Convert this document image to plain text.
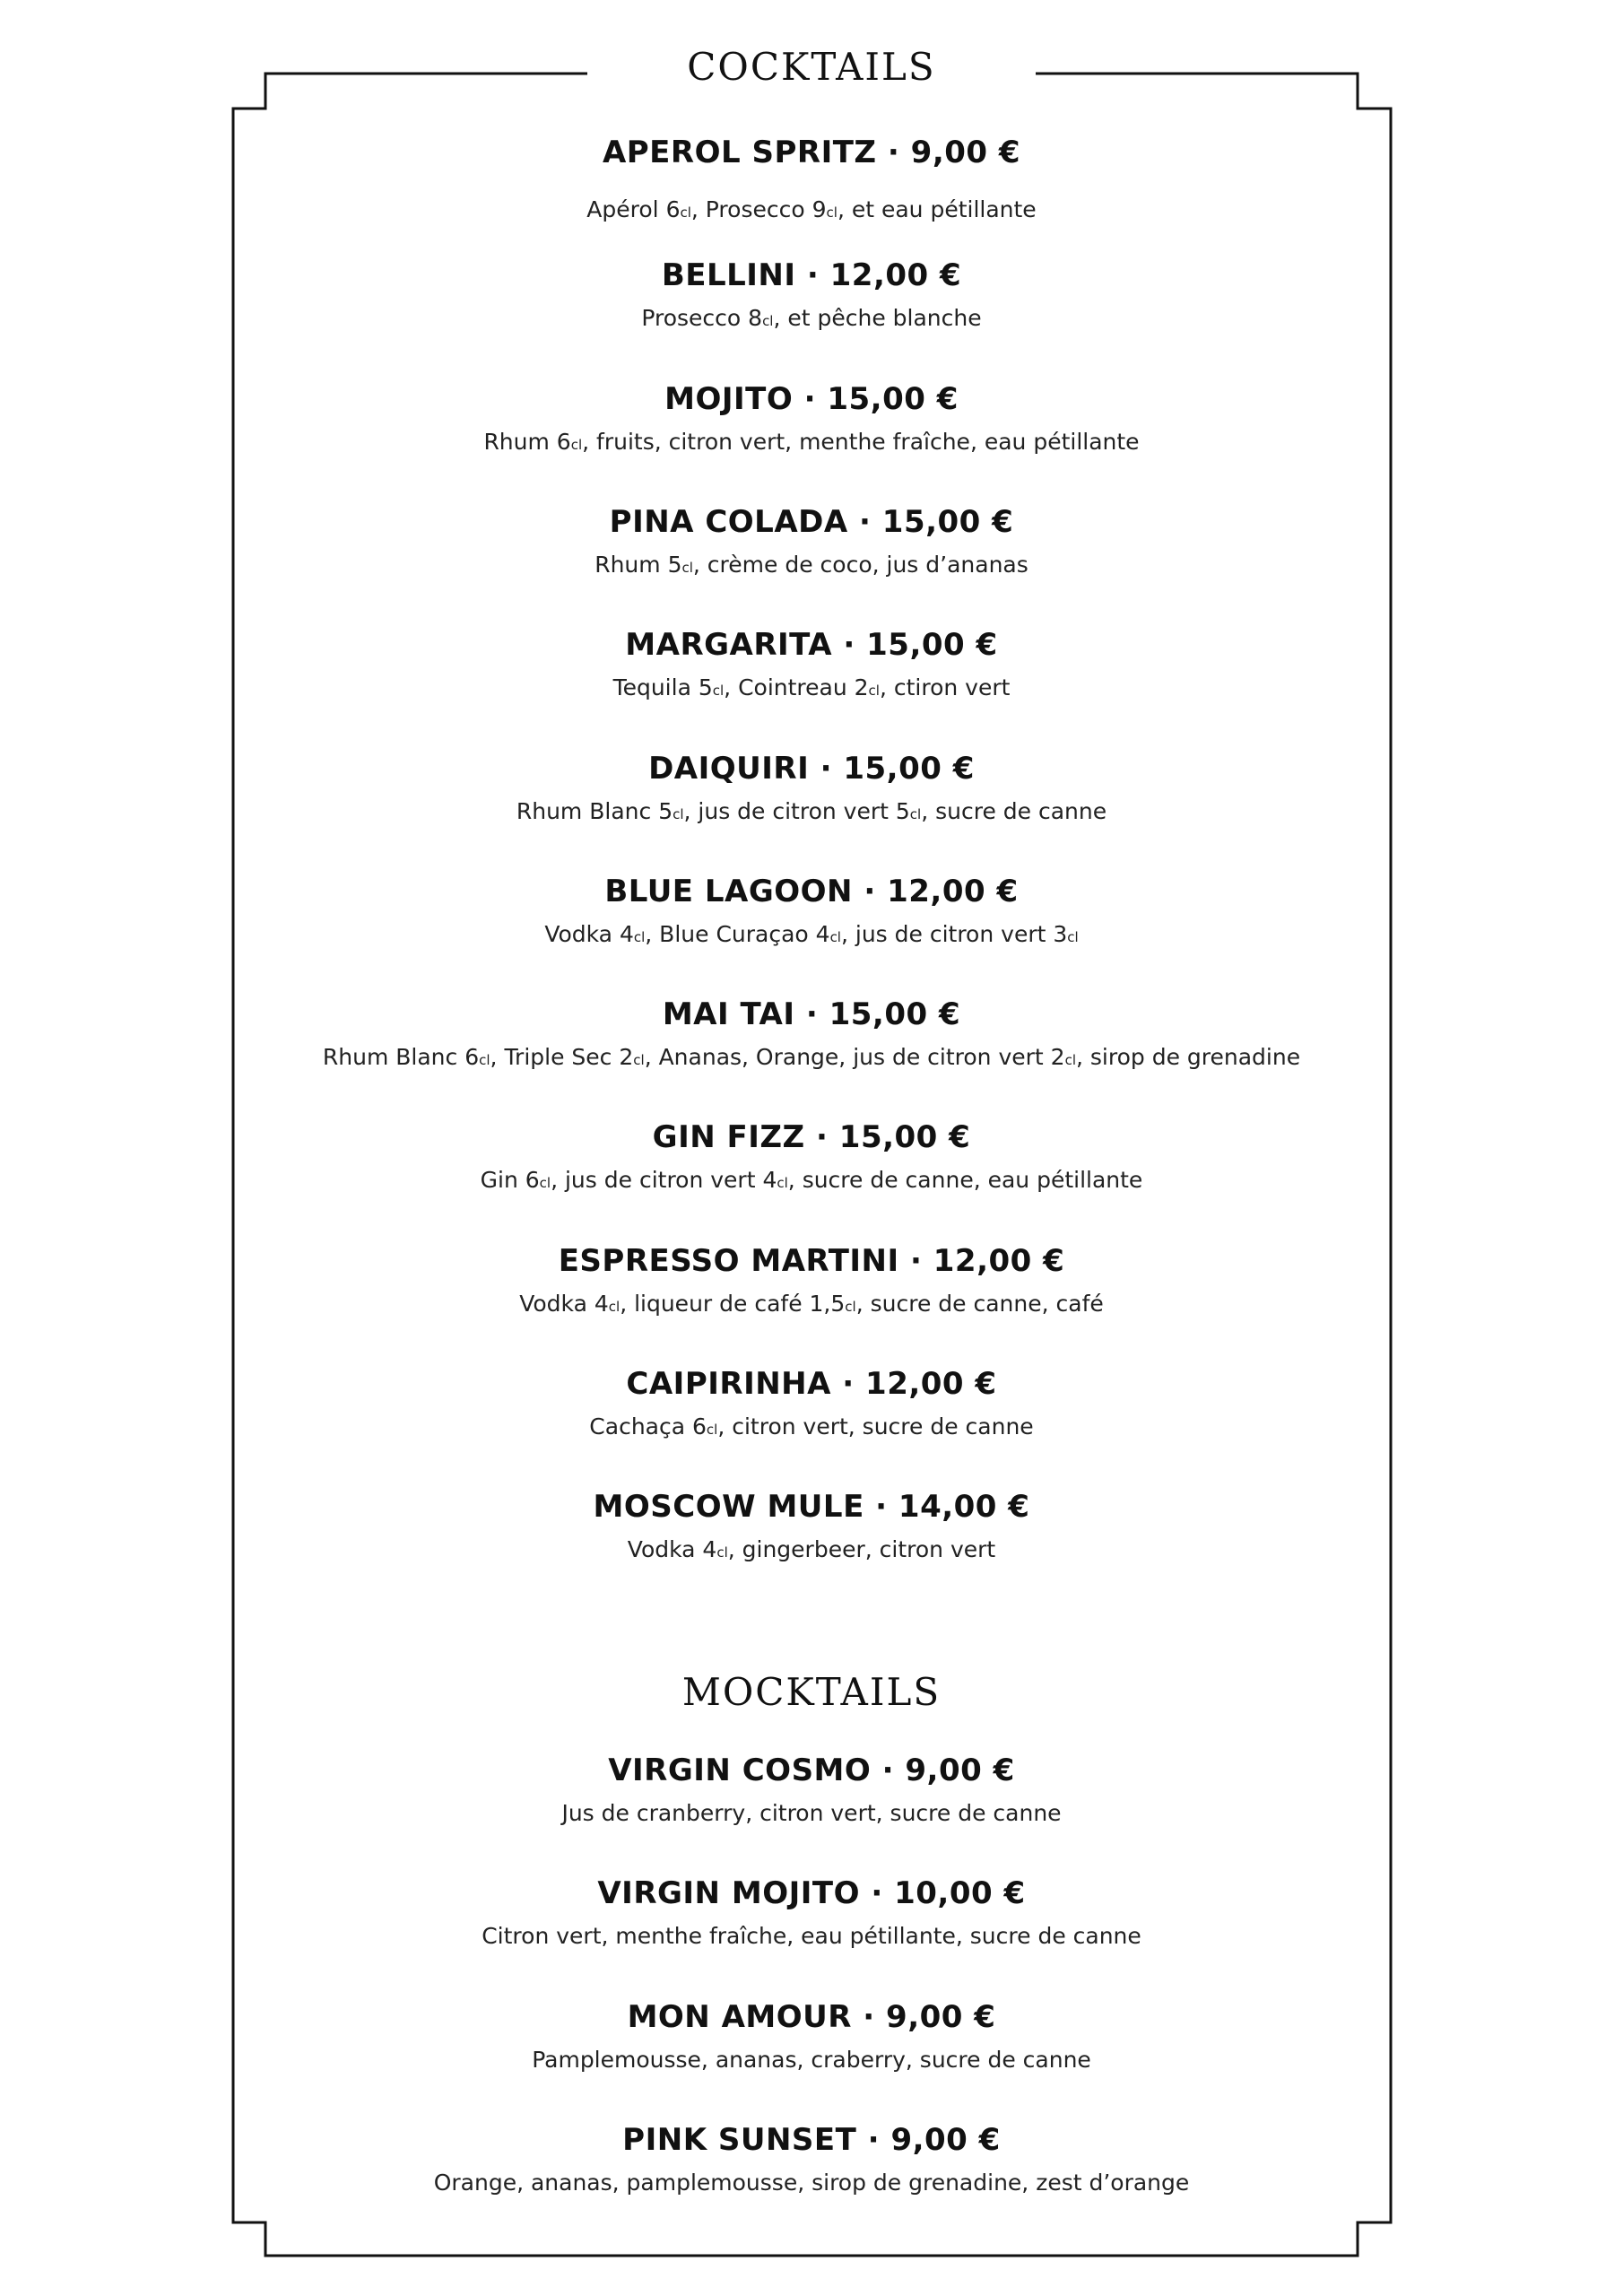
COCKTAILS
APEROL SPRITZ · 9,00 €
Apérol 6cl, Prosecco 9cl, et eau pétillante
BELLINI · 12,00 €
Prosecco 8cl, et pêche blanche
MOJITO · 15,00 €
Rhum 6cl, fruits, citron vert, menthe fraîche, eau pétillante
PINA COLADA · 15,00 €
Rhum 5cl, crème de coco, jus d’ananas
MARGARITA · 15,00 €
Tequila 5cl, Cointreau 2cl, ctiron vert
DAIQUIRI · 15,00 €
Rhum Blanc 5cl, jus de citron vert 5cl, sucre de canne
BLUE LAGOON · 12,00 €
Vodka 4cl, Blue Curaçao 4cl, jus de citron vert 3cl
MAI TAI · 15,00 €
Rhum Blanc 6cl, Triple Sec 2cl, Ananas, Orange, jus de citron vert 2cl, sirop de grenadine
GIN FIZZ · 15,00 €
Gin 6cl, jus de citron vert 4cl, sucre de canne, eau pétillante
ESPRESSO MARTINI · 12,00 €
Vodka 4cl, liqueur de café 1,5cl, sucre de canne, café
CAIPIRINHA · 12,00 €
Cachaça 6cl, citron vert, sucre de canne
MOSCOW MULE · 14,00 €
Vodka 4cl, gingerbeer, citron vert
MOCKTAILS
VIRGIN COSMO · 9,00 €
Jus de cranberry, citron vert, sucre de canne
VIRGIN MOJITO · 10,00 €
Citron vert, menthe fraîche, eau pétillante, sucre de canne
MON AMOUR · 9,00 €
Pamplemousse, ananas, craberry, sucre de canne
PINK SUNSET · 9,00 €
Orange, ananas, pamplemousse, sirop de grenadine, zest d’orange
